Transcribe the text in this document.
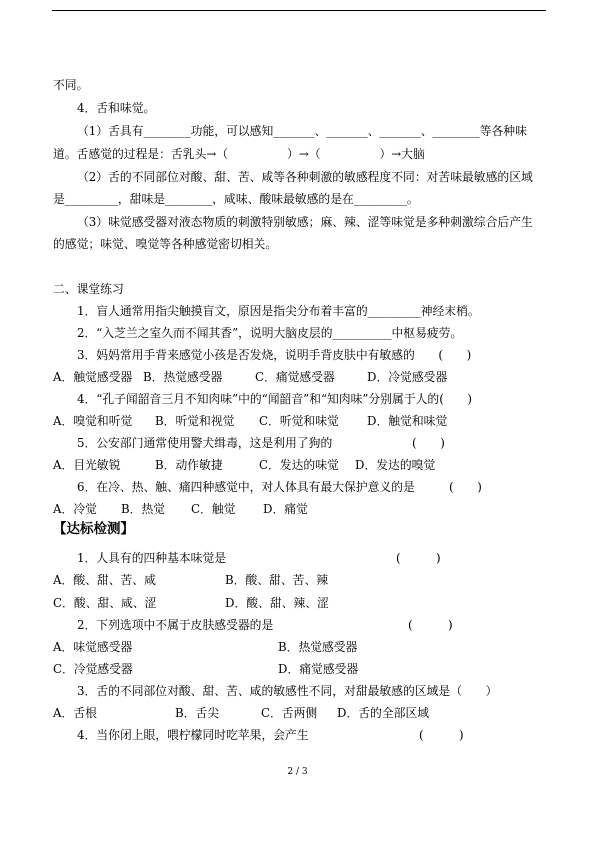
不同。
4．舌和味觉。
（1）舌具有________功能，可以感知_______、_______、_______、________等各种味
道。舌感觉的过程是：舌乳头→（　　　　　）→（　　　　　）→大脑
（2）舌的不同部位对酸、甜、苦、咸等各种刺激的敏感程度不同：对苦味最敏感的区域
是_________，甜味是________，咸味、酸味最敏感的是在_________。
（3）味觉感受器对液态物质的刺激特别敏感；麻、辣、涩等味觉是多种刺激综合后产生
的感觉；味觉、嗅觉等各种感觉密切相关。
二、课堂练习
1．盲人通常用指尖触摸盲文，原因是指尖分布着丰富的_________神经末梢。
2．“入芝兰之室久而不闻其香”，说明大脑皮层的__________中枢易疲劳。
3．妈妈常用手背来感觉小孩是否发烧，说明手背皮肤中有敏感的　　(　　)
A．触觉感受器 B．热觉感受器	C．痛觉感受器	D．冷觉感受器
4．“孔子闻韶音三月不知肉味”中的“闻韶音”和“知肉味”分别属于人的(　　)
A．嗅觉和听觉 B．听觉和视觉 C．听觉和味觉 D．触觉和味觉
5．公安部门通常使用警犬缉毒，这是利用了狗的	(　　)
A．目光敏锐	B．动作敏捷	C．发达的味觉 D．发达的嗅觉
6．在冷、热、触、痛四种感觉中，对人体具有最大保护意义的是	(　　)
A．冷觉 B．热觉 C．触觉 D．痛觉
【达标检测】
1．人具有的四种基本味觉是	(　　　)
A．酸、甜、苦、咸	B．酸、甜、苦、辣
C．酸、甜、咸、涩	D．酸、甜、辣、涩
2．下列选项中不属于皮肤感受器的是	(　　　)
A．味觉感受器	B．热觉感受器
C．冷觉感受器	D．痛觉感受器
3．舌的不同部位对酸、甜、苦、咸的敏感性不同，对甜最敏感的区域是（　　）
A．舌根	B．舌尖	C．舌两侧 D．舌的全部区域
4．当你闭上眼，喂柠檬同时吃苹果，会产生	(　　　)
2 / 3
